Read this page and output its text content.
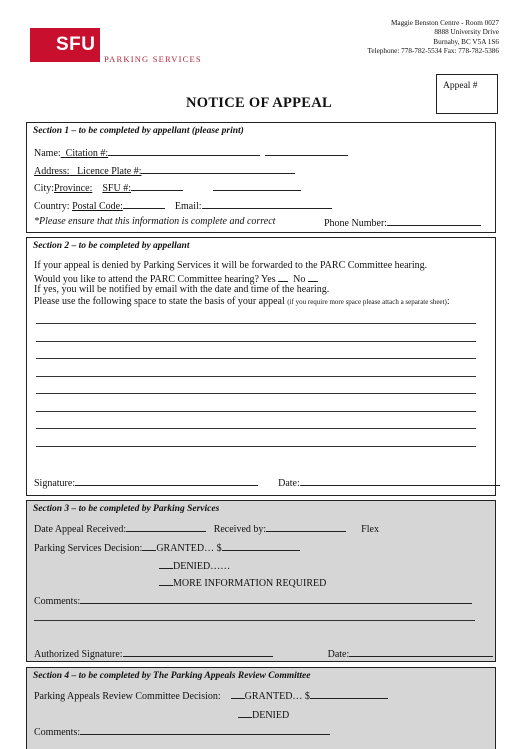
SFU
PARKING SERVICES
Maggie Benston Centre - Room 0027
8888 University Drive
Burnaby, BC V5A 1S6
Telephone: 778-782-5534 Fax: 778-782-5386
Appeal #
NOTICE OF APPEAL
Section 1 – to be completed by appellant (please print)
Name: Citation #:
Address: Licence Plate #:
City:Province: SFU #:
Country: Postal Code:	Email:
*Please ensure that this information is complete and correct	Phone Number:
Section 2 – to be completed by appellant
If your appeal is denied by Parking Services it will be forwarded to the PARC Committee hearing.
Would you like to attend the PARC Committee hearing? Yes No
If yes, you will be notified by email with the date and time of the hearing.
Please use the following space to state the basis of your appeal (if you require more space please attach a separate sheet):
Signature:	Date:
Section 3 – to be completed by Parking Services
Date Appeal Received:	Received by:	Flex
Parking Services Decision: GRANTED… $
DENIED……
MORE INFORMATION REQUIRED
Comments:
Authorized Signature:	Date:
Section 4 – to be completed by The Parking Appeals Review Committee
Parking Appeals Review Committee Decision: GRANTED… $
DENIED
Comments:
